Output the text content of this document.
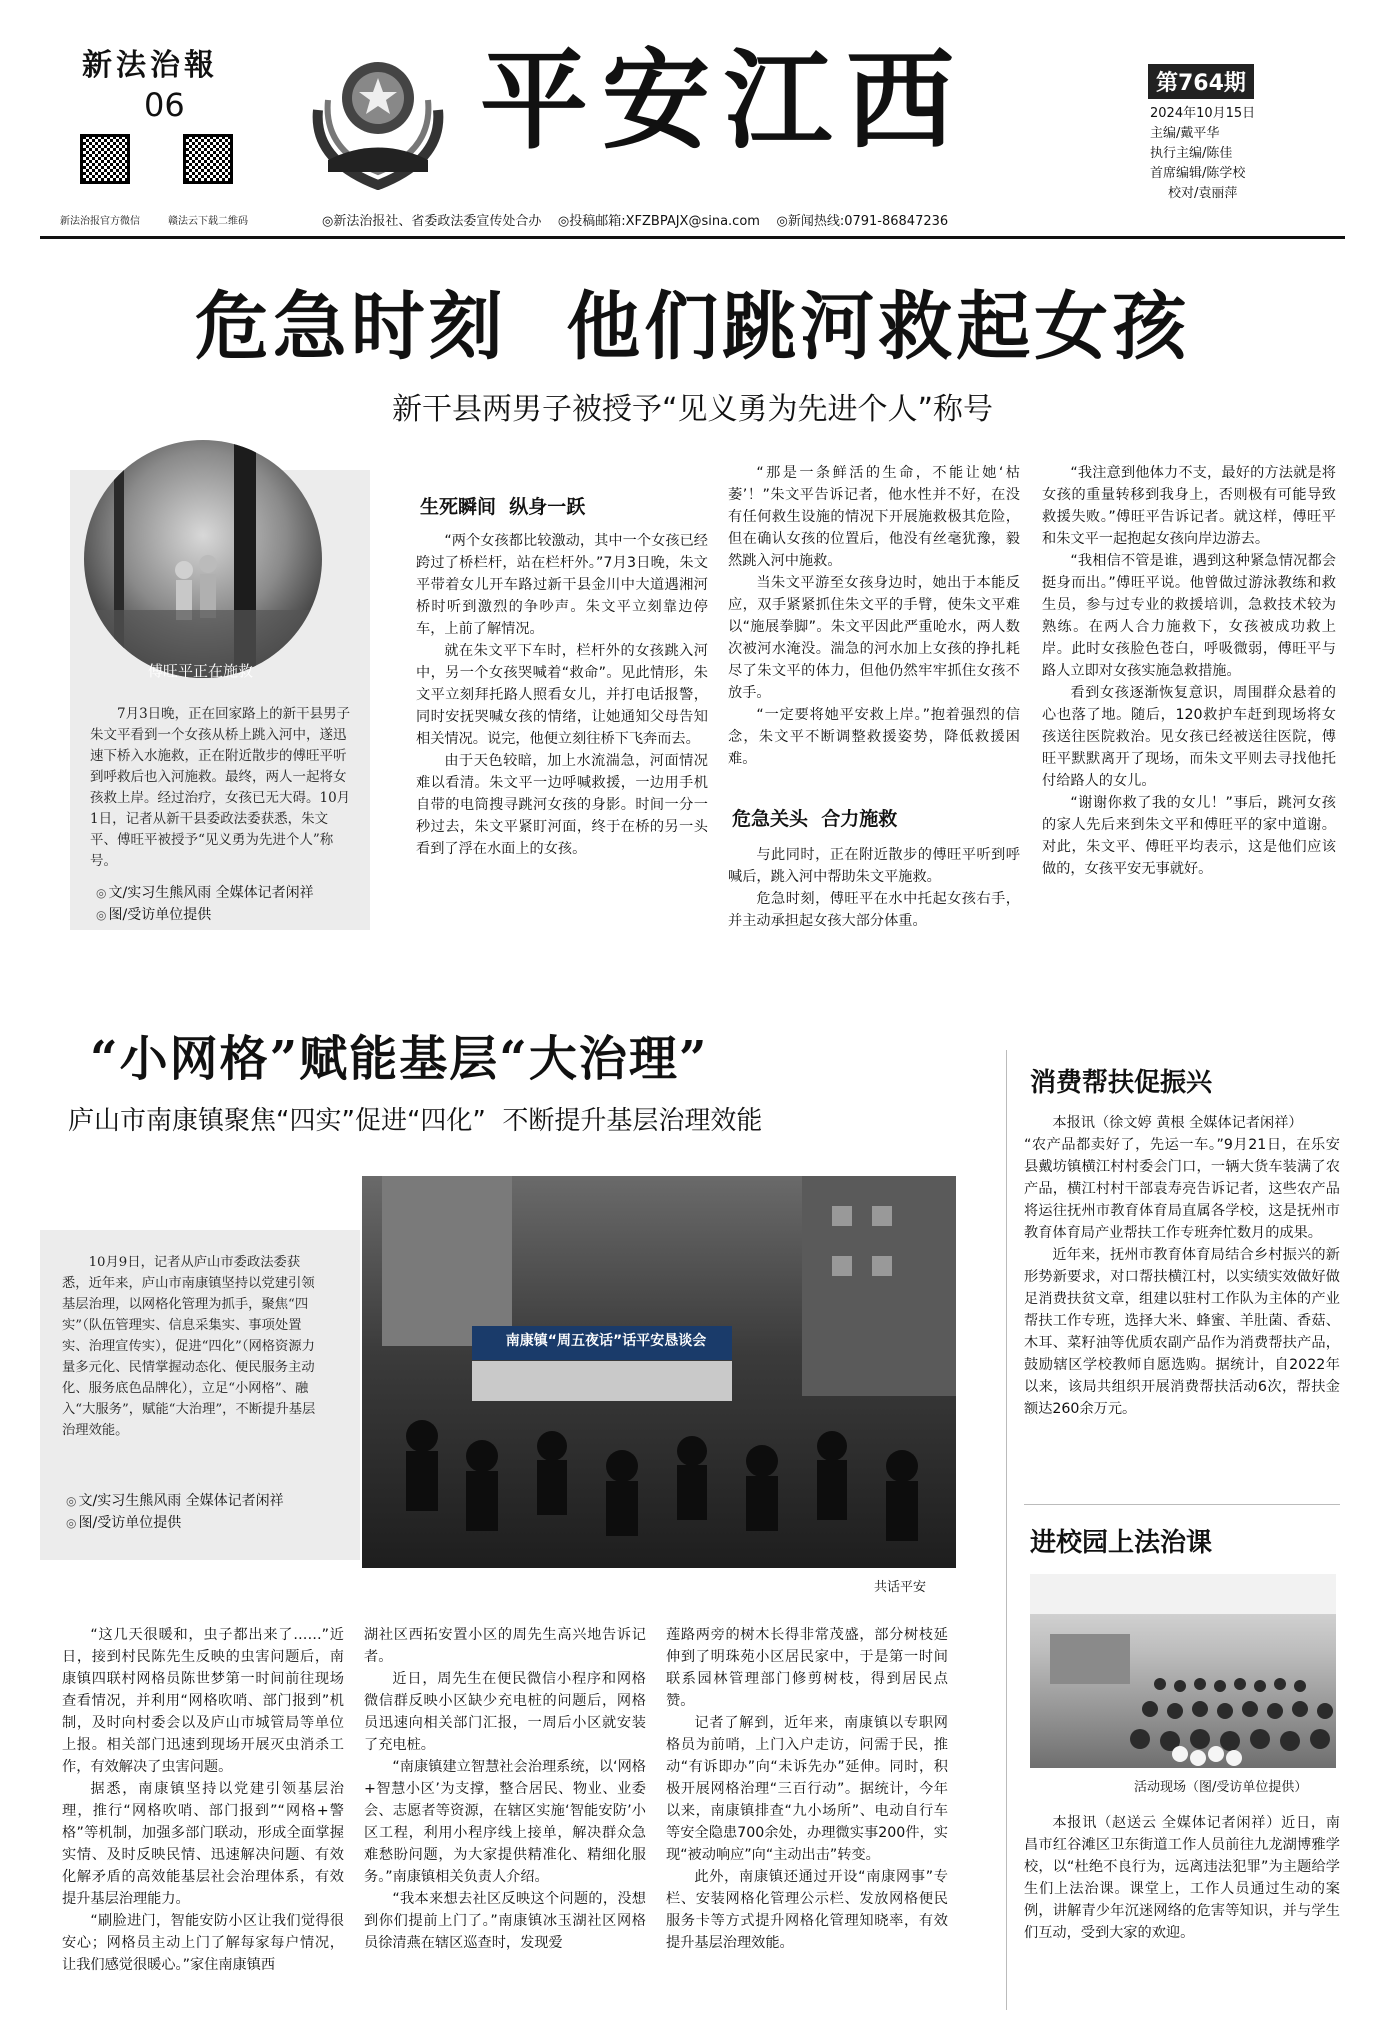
新法治報
06
新法治报官方微信	赣法云下载二维码
平安江西	第764期
2024年10月15日
主编/戴平华
执行主编/陈佳
首席编辑/陈学校
校对/袁丽萍
◎新法治报社、省委政法委宣传处合办 ◎投稿邮箱:XFZBPAJX@sina.com ◎新闻热线:0791-86847236
危急时刻  他们跳河救起女孩
新干县两男子被授予“见义勇为先进个人”称号
傅旺平正在施救

7月3日晚，正在回家路上的新干县男子朱文平看到一个女孩从桥上跳入河中，遂迅速下桥入水施救，正在附近散步的傅旺平听到呼救后也入河施救。最终，两人一起将女孩救上岸。经过治疗，女孩已无大碍。10月1日，记者从新干县委政法委获悉，朱文平、傅旺平被授予“见义勇为先进个人”称号。

◎ 文/实习生熊风雨 全媒体记者闲祥
◎ 图/受访单位提供
生死瞬间  纵身一跃

“两个女孩都比较激动，其中一个女孩已经跨过了桥栏杆，站在栏杆外。”7月3日晚，朱文平带着女儿开车路过新干县金川中大道遇湘河桥时听到激烈的争吵声。朱文平立刻靠边停车，上前了解情况。

就在朱文平下车时，栏杆外的女孩跳入河中，另一个女孩哭喊着“救命”。见此情形，朱文平立刻拜托路人照看女儿，并打电话报警，同时安抚哭喊女孩的情绪，让她通知父母告知相关情况。说完，他便立刻往桥下飞奔而去。

由于天色较暗，加上水流湍急，河面情况难以看清。朱文平一边呼喊救援，一边用手机自带的电筒搜寻跳河女孩的身影。时间一分一秒过去，朱文平紧盯河面，终于在桥的另一头看到了浮在水面上的女孩。

“那是一条鲜活的生命，不能让她‘枯萎’！”朱文平告诉记者，他水性并不好，在没有任何救生设施的情况下开展施救极其危险，但在确认女孩的位置后，他没有丝毫犹豫，毅然跳入河中施救。

当朱文平游至女孩身边时，她出于本能反应，双手紧紧抓住朱文平的手臂，使朱文平难以“施展拳脚”。朱文平因此严重呛水，两人数次被河水淹没。湍急的河水加上女孩的挣扎耗尽了朱文平的体力，但他仍然牢牢抓住女孩不放手。

“一定要将她平安救上岸。”抱着强烈的信念，朱文平不断调整救援姿势，降低救援困难。

危急关头  合力施救

与此同时，正在附近散步的傅旺平听到呼喊后，跳入河中帮助朱文平施救。

危急时刻，傅旺平在水中托起女孩右手，并主动承担起女孩大部分体重。

“我注意到他体力不支，最好的方法就是将女孩的重量转移到我身上，否则极有可能导致救援失败。”傅旺平告诉记者。就这样，傅旺平和朱文平一起抱起女孩向岸边游去。

“我相信不管是谁，遇到这种紧急情况都会挺身而出。”傅旺平说。他曾做过游泳教练和救生员，参与过专业的救援培训，急救技术较为熟练。在两人合力施救下，女孩被成功救上岸。此时女孩脸色苍白，呼吸微弱，傅旺平与路人立即对女孩实施急救措施。

看到女孩逐渐恢复意识，周围群众悬着的心也落了地。随后，120救护车赶到现场将女孩送往医院救治。见女孩已经被送往医院，傅旺平默默离开了现场，而朱文平则去寻找他托付给路人的女儿。

“谢谢你救了我的女儿！”事后，跳河女孩的家人先后来到朱文平和傅旺平的家中道谢。对此，朱文平、傅旺平均表示，这是他们应该做的，女孩平安无事就好。

“小网格”赋能基层“大治理”
庐山市南康镇聚焦“四实”促进“四化”  不断提升基层治理效能

10月9日，记者从庐山市委政法委获悉，近年来，庐山市南康镇坚持以党建引领基层治理，以网格化管理为抓手，聚焦“四实”（队伍管理实、信息采集实、事项处置实、治理宣传实），促进“四化”（网格资源力量多元化、民情掌握动态化、便民服务主动化、服务底色品牌化），立足“小网格”、融入“大服务”，赋能“大治理”，不断提升基层治理效能。

◎ 文/实习生熊风雨 全媒体记者闲祥
◎ 图/受访单位提供
南康镇“周五夜话”话平安恳谈会
共话平安

“这几天很暖和，虫子都出来了……”近日，接到村民陈先生反映的虫害问题后，南康镇四联村网格员陈世梦第一时间前往现场查看情况，并利用“网格吹哨、部门报到”机制，及时向村委会以及庐山市城管局等单位上报。相关部门迅速到现场开展灭虫消杀工作，有效解决了虫害问题。

据悉，南康镇坚持以党建引领基层治理，推行“网格吹哨、部门报到”“网格+警格”等机制，加强多部门联动，形成全面掌握实情、及时反映民情、迅速解决问题、有效化解矛盾的高效能基层社会治理体系，有效提升基层治理能力。

“刷脸进门，智能安防小区让我们觉得很安心；网格员主动上门了解每家每户情况，让我们感觉很暖心。”家住南康镇西

湖社区西拓安置小区的周先生高兴地告诉记者。

近日，周先生在便民微信小程序和网格微信群反映小区缺少充电桩的问题后，网格员迅速向相关部门汇报，一周后小区就安装了充电桩。

“南康镇建立智慧社会治理系统，以‘网格+智慧小区’为支撑，整合居民、物业、业委会、志愿者等资源，在辖区实施‘智能安防’小区工程，利用小程序线上接单，解决群众急难愁盼问题，为大家提供精准化、精细化服务。”南康镇相关负责人介绍。

“我本来想去社区反映这个问题的，没想到你们提前上门了。”南康镇冰玉湖社区网格员徐清燕在辖区巡查时，发现爱

莲路两旁的树木长得非常茂盛，部分树枝延伸到了明珠苑小区居民家中，于是第一时间联系园林管理部门修剪树枝，得到居民点赞。

记者了解到，近年来，南康镇以专职网格员为前哨，上门入户走访，问需于民，推动“有诉即办”向“未诉先办”延伸。同时，积极开展网格治理“三百行动”。据统计，今年以来，南康镇排查“九小场所”、电动自行车等安全隐患700余处，办理微实事200件，实现“被动响应”向“主动出击”转变。

此外，南康镇还通过开设“南康网事”专栏、安装网格化管理公示栏、发放网格便民服务卡等方式提升网格化管理知晓率，有效提升基层治理效能。

消费帮扶促振兴

本报讯（徐文婷 黄根 全媒体记者闲祥）

“农产品都卖好了，先运一车。”9月21日，在乐安县戴坊镇横江村村委会门口，一辆大货车装满了农产品，横江村村干部袁寿亮告诉记者，这些农产品将运往抚州市教育体育局直属各学校，这是抚州市教育体育局产业帮扶工作专班奔忙数月的成果。

近年来，抚州市教育体育局结合乡村振兴的新形势新要求，对口帮扶横江村，以实绩实效做好做足消费扶贫文章，组建以驻村工作队为主体的产业帮扶工作专班，选择大米、蜂蜜、羊肚菌、香菇、木耳、菜籽油等优质农副产品作为消费帮扶产品，鼓励辖区学校教师自愿选购。据统计，自2022年以来，该局共组织开展消费帮扶活动6次，帮扶金额达260余万元。

进校园上法治课
活动现场（图/受访单位提供）

本报讯（赵送云 全媒体记者闲祥）近日，南昌市红谷滩区卫东街道工作人员前往九龙湖博雅学校，以“杜绝不良行为，远离违法犯罪”为主题给学生们上法治课。课堂上，工作人员通过生动的案例，讲解青少年沉迷网络的危害等知识，并与学生们互动，受到大家的欢迎。
